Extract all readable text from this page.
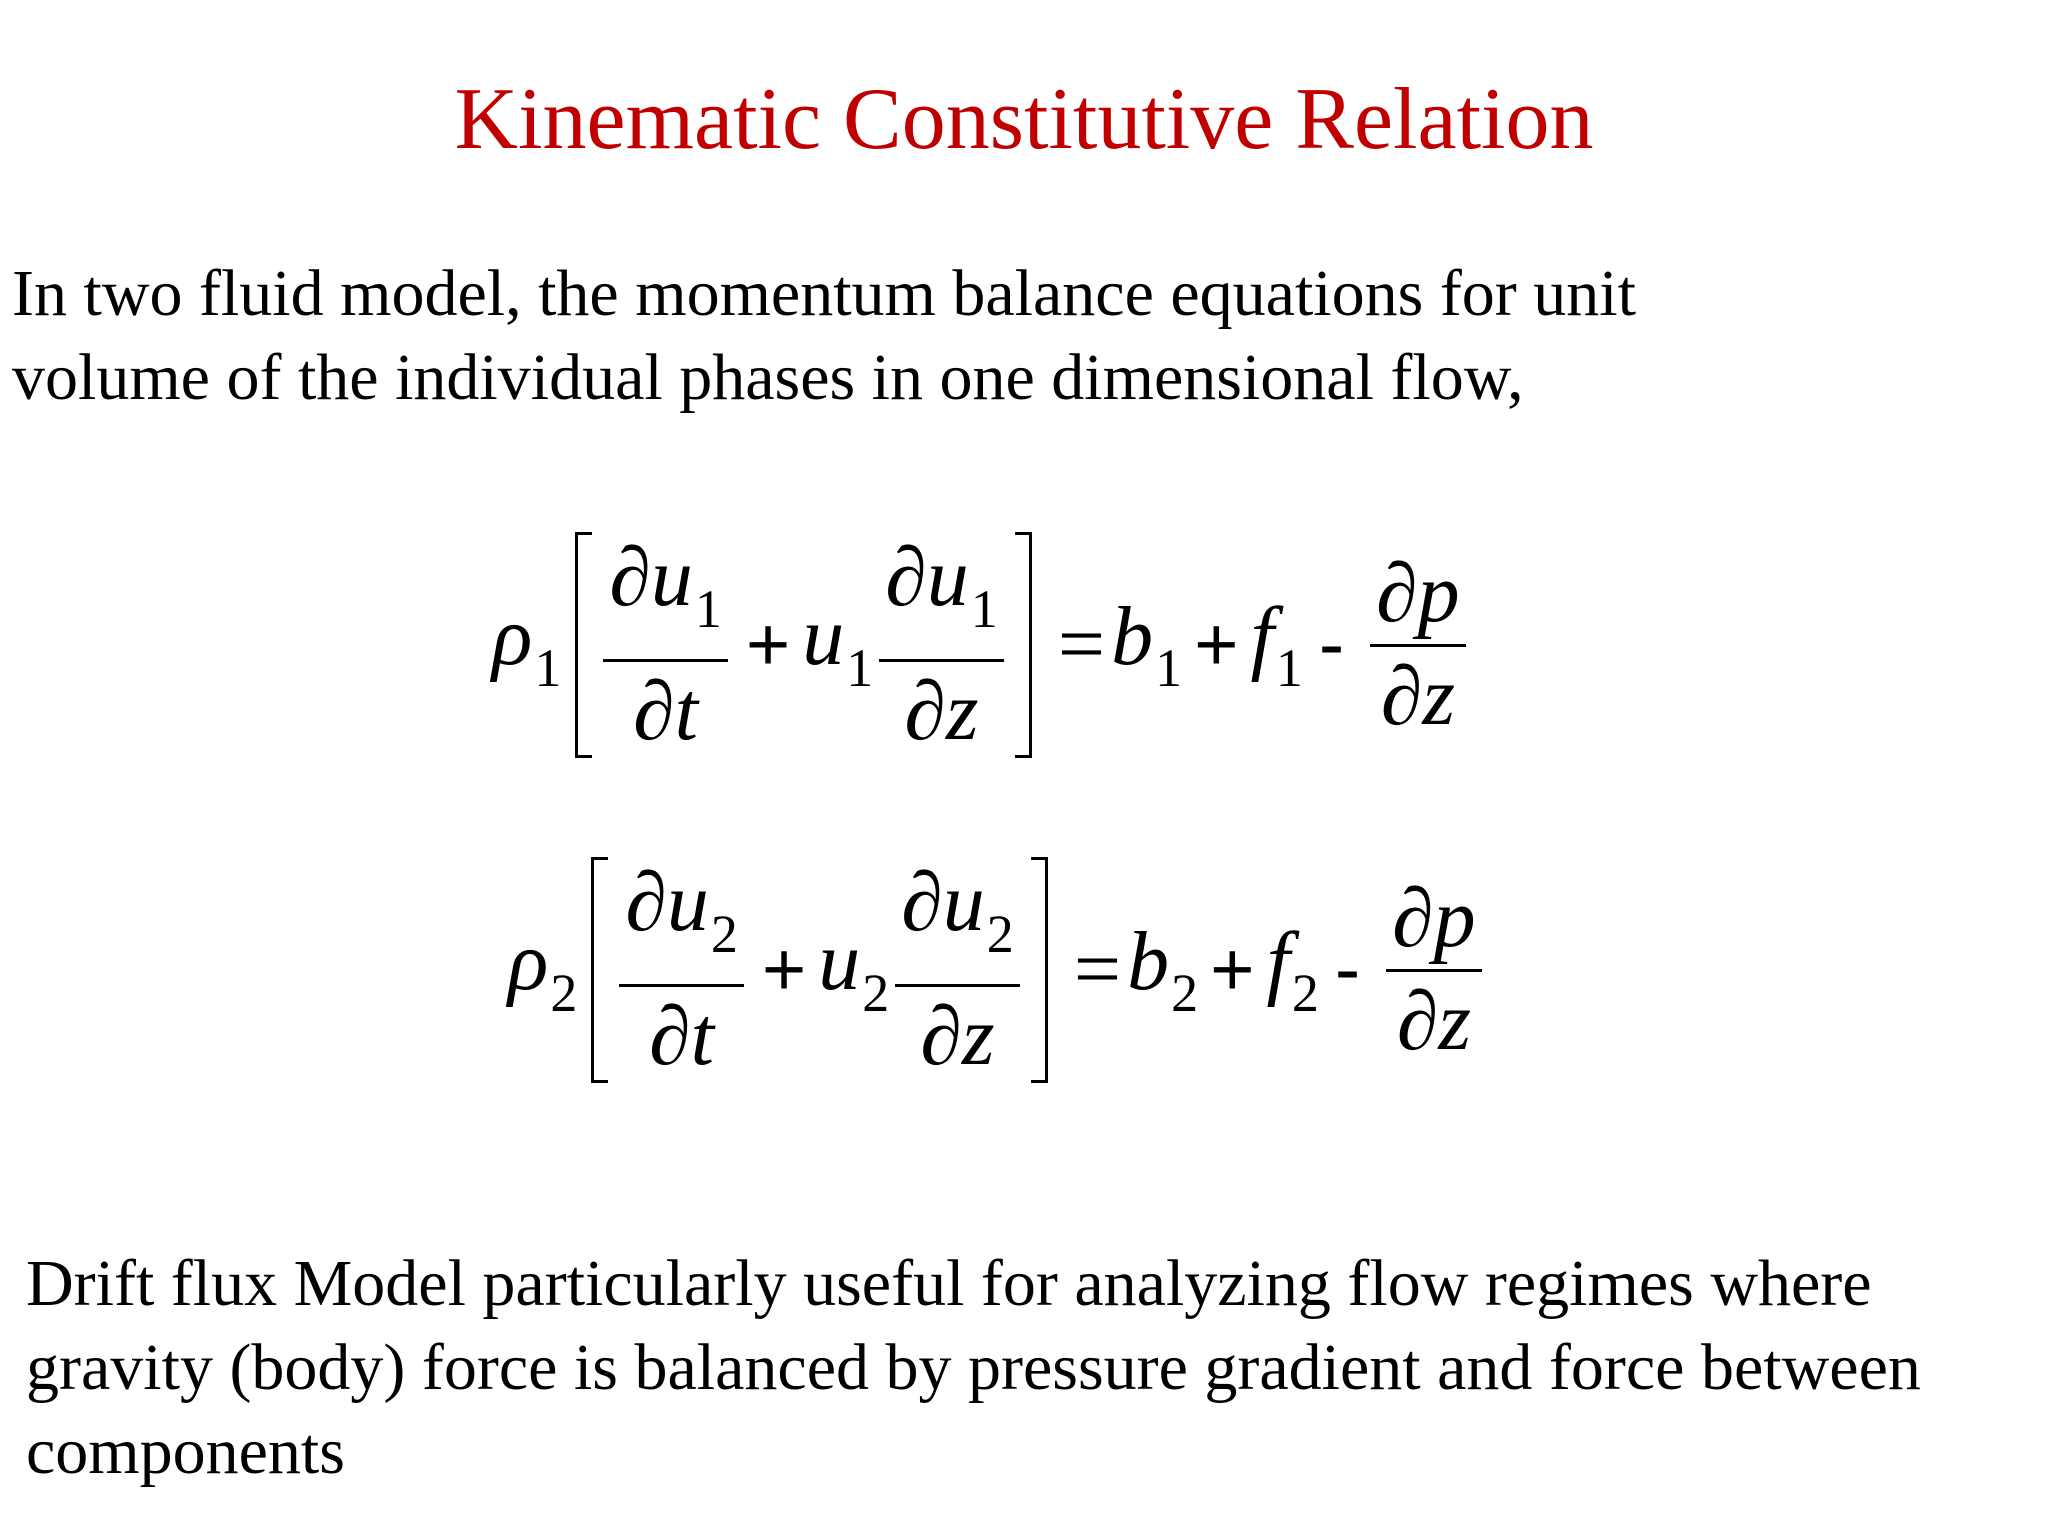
Kinematic Constitutive Relation
In two fluid model, the momentum balance equations for unit
volume of the individual phases in one dimensional flow,
$\rho_1 \frac{\partial u_1}{\partial t} + u_1 \frac{\partial u_1}{\partial z} = b_1 + f_1 - \frac{\partial p}{\partial z}$
$\rho_2 \frac{\partial u_2}{\partial t} + u_2 \frac{\partial u_2}{\partial z} = b_2 + f_2 - \frac{\partial p}{\partial z}$
Drift flux Model particularly useful for analyzing flow regimes where
gravity (body) force is balanced by pressure gradient and force between
components
